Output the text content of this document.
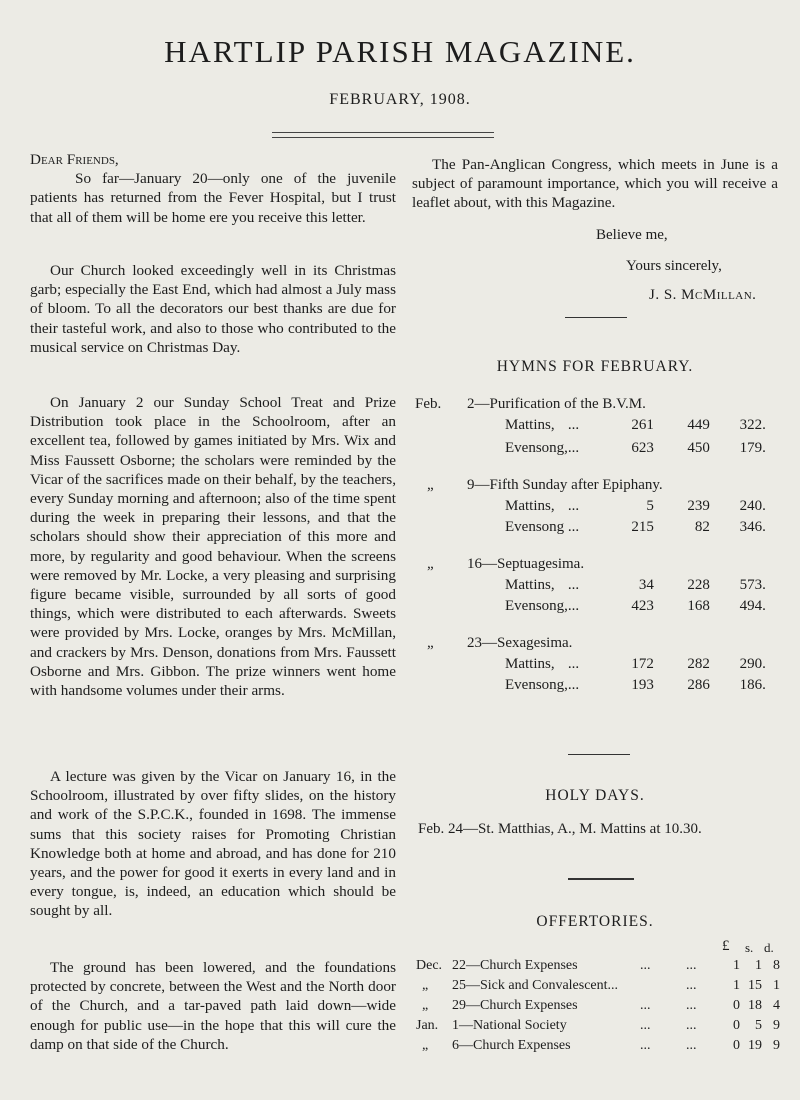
HARTLIP PARISH MAGAZINE.
FEBRUARY, 1908.

Dear Friends,

So far—January 20—only one of the juvenile patients has returned from the Fever Hospital, but I trust that all of them will be home ere you receive this letter.

Our Church looked exceedingly well in its Christmas garb; especially the East End, which had almost a July mass of bloom. To all the decorators our best thanks are due for their tasteful work, and also to those who contributed to the musical service on Christmas Day.

On January 2 our Sunday School Treat and Prize Distribution took place in the Schoolroom, after an excellent tea, followed by games initiated by Mrs. Wix and Miss Faussett Osborne; the scholars were reminded by the Vicar of the sacrifices made on their behalf, by the teachers, every Sunday morning and afternoon; also of the time spent during the week in preparing their lessons, and that the scholars should show their appreciation of this more and more, by regularity and good behaviour. When the screens were removed by Mr. Locke, a very pleasing and surprising figure became visible, surrounded by all sorts of good things, which were distributed to each afterwards. Sweets were provided by Mrs. Locke, oranges by Mrs. McMillan, and crackers by Mrs. Denson, donations from Mrs. Faussett Osborne and Mrs. Gibbon. The prize winners went home with handsome volumes under their arms.

A lecture was given by the Vicar on January 16, in the Schoolroom, illustrated by over fifty slides, on the history and work of the S.P.C.K., founded in 1698. The immense sums that this society raises for Promoting Christian Knowledge both at home and abroad, and has done for 210 years, and the power for good it exerts in every land and in every tongue, is, indeed, an education which should be sought by all.

The ground has been lowered, and the foundations protected by concrete, between the West and the North door of the Church, and a tar-paved path laid down—wide enough for public use—in the hope that this will cure the damp on that side of the Church.

The Pan-Anglican Congress, which meets in June is a subject of paramount importance, which you will receive a leaflet about, with this Magazine.

Believe me,
Yours sincerely,
J. S. McMillan.
HYMNS FOR FEBRUARY.
Feb.	2—Purification of the B.V.M.				
	Mattins,	...	261	449	322.
	Evensong,	...	623	450	179.

„	9—Fifth Sunday after Epiphany.				
	Mattins,	...	5	239	240.
	Evensong	...	215	82	346.

„	16—Septuagesima.				
	Mattins,	...	34	228	573.
	Evensong,	...	423	168	494.

„	23—Sexagesima.				
	Mattins,	...	172	282	290.
	Evensong,	...	193	286	186.
HOLY DAYS.
Feb. 24—St. Matthias, A., M. Mattins at 10.30.
OFFERTORIES.
£ s. d.
Dec.	22—Church Expenses	...	...	1	1	8
„	25—Sick and Convalescent...		...	1	15	1
„	29—Church Expenses	...	...	0	18	4
Jan.	1—National Society	...	...	0	5	9
„	6—Church Expenses	...	...	0	19	9
